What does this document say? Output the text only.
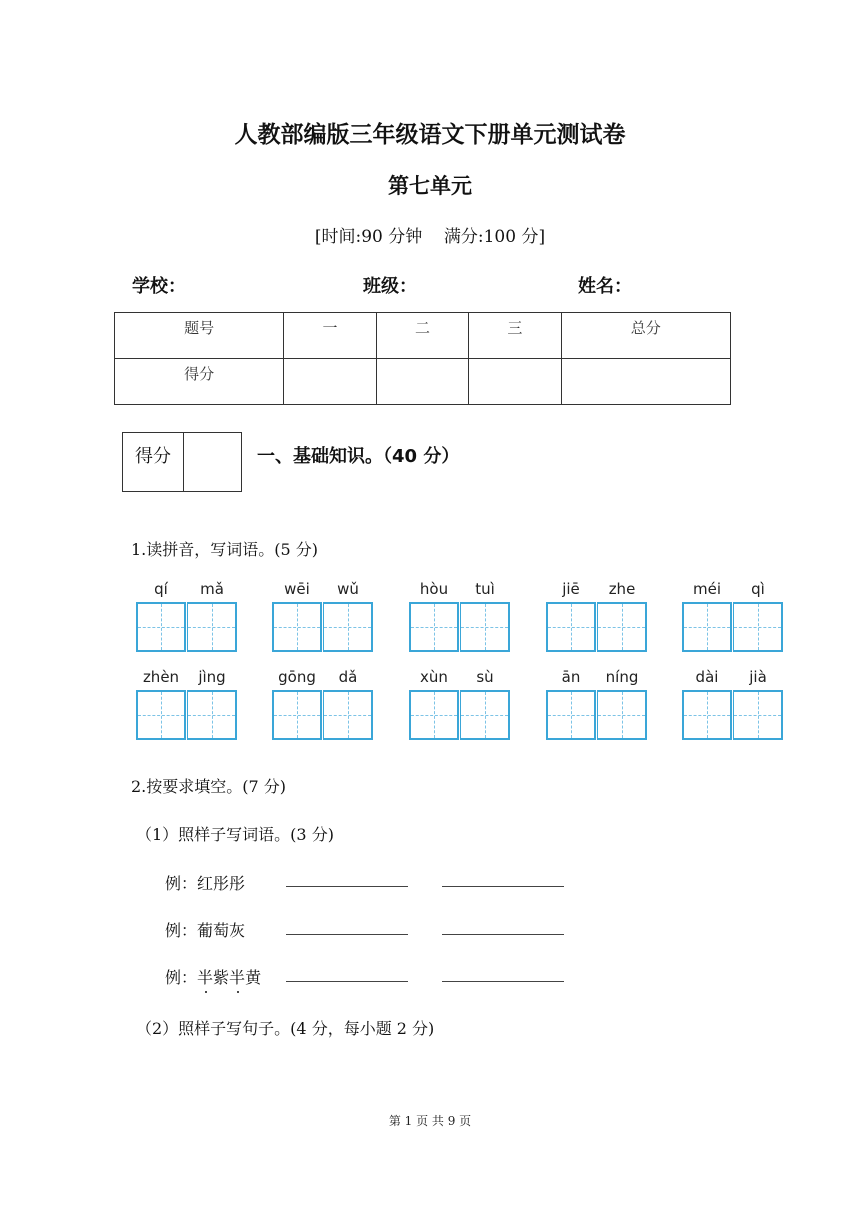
人教部编版三年级语文下册单元测试卷
第七单元
[时间:90 分钟    满分:100 分]
学校：	班级：	姓名：
题号	一	二	三	总分
得分				
得分	一、基础知识。（40 分）
1.读拼音，写词语。(5 分)
qí	mǎ	wēi	wǔ	hòu	tuì	jiē	zhe	méi	qì
zhèn	jìng	gōng	dǎ	xùn	sù	ān	níng	dài	jià
2.按要求填空。(7 分)
（1）照样子写词语。(3 分)
例：红彤彤
例：葡萄灰
例：半
紫半
黄
（2）照样子写句子。(4 分，每小题 2 分)
第 1 页 共 9 页
